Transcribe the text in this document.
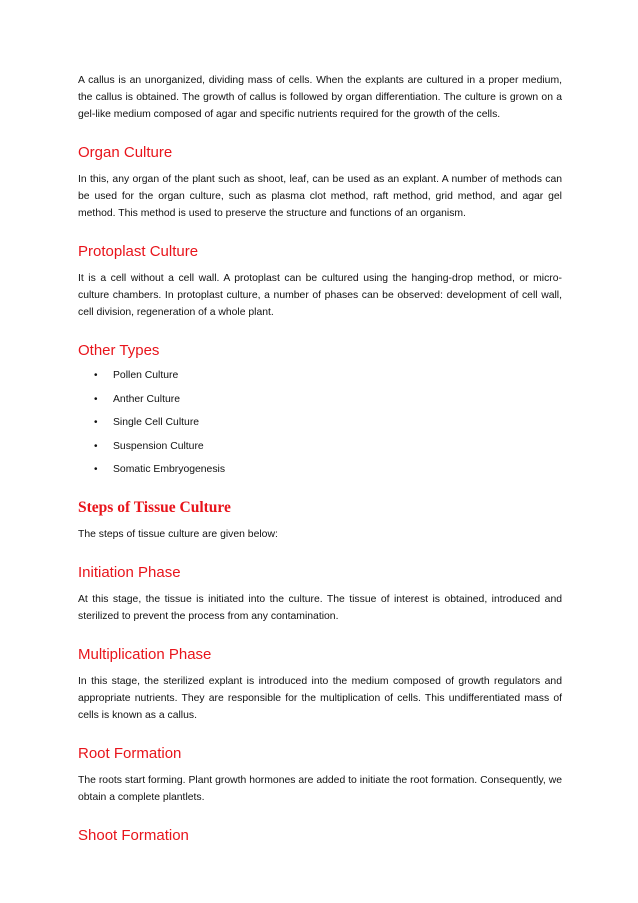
A callus is an unorganized, dividing mass of cells. When the explants are cultured in a proper medium, the callus is obtained. The growth of callus is followed by organ differentiation. The culture is grown on a gel-like medium composed of agar and specific nutrients required for the growth of the cells.

Organ Culture

In this, any organ of the plant such as shoot, leaf, can be used as an explant. A number of methods can be used for the organ culture, such as plasma clot method, raft method, grid method, and agar gel method. This method is used to preserve the structure and functions of an organism.

Protoplast Culture

It is a cell without a cell wall. A protoplast can be cultured using the hanging-drop method, or micro-culture chambers. In protoplast culture, a number of phases can be observed: development of cell wall, cell division, regeneration of a whole plant.

Other Types
• Pollen Culture
• Anther Culture
• Single Cell Culture
• Suspension Culture
• Somatic Embryogenesis
Steps of Tissue Culture

The steps of tissue culture are given below:

Initiation Phase

At this stage, the tissue is initiated into the culture. The tissue of interest is obtained, introduced and sterilized to prevent the process from any contamination.

Multiplication Phase

In this stage, the sterilized explant is introduced into the medium composed of growth regulators and appropriate nutrients. They are responsible for the multiplication of cells. This undifferentiated mass of cells is known as a callus.

Root Formation

The roots start forming. Plant growth hormones are added to initiate the root formation. Consequently, we obtain a complete plantlets.

Shoot Formation
